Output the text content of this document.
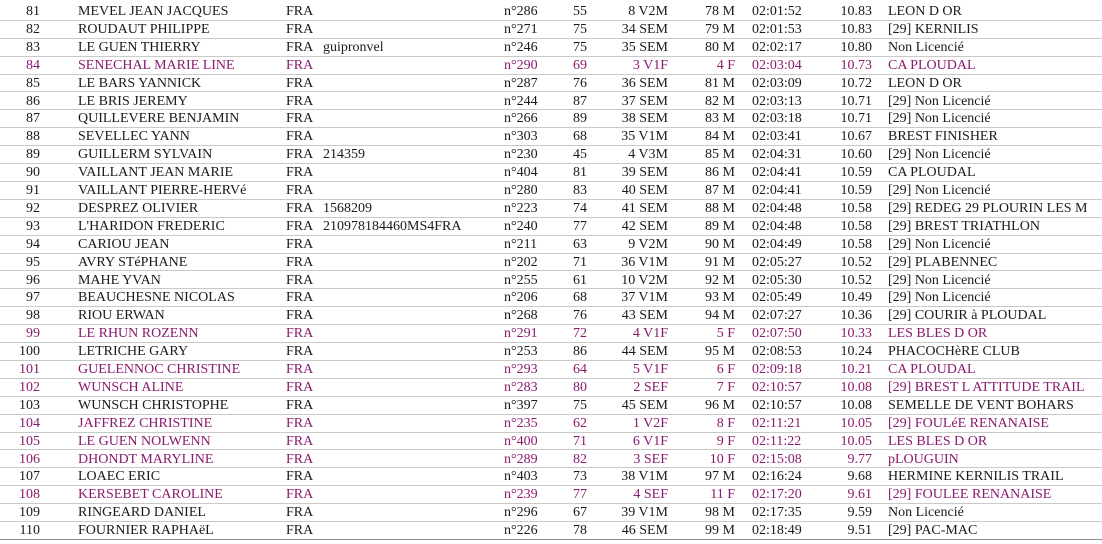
81	MEVEL JEAN JACQUES	FRA	n°286	55	8 V2M	78 M 02:01:52	10.83 LEON D OR
82	ROUDAUT PHILIPPE	FRA	n°271	75	34 SEM	79 M 02:01:53	10.83 [29] KERNILIS
83	LE GUEN THIERRY	FRA guipronvel	n°246	75	35 SEM	80 M 02:02:17	10.80 Non Licencié
84	SENECHAL MARIE LINE	FRA	n°290	69	3 V1F	4 F 02:03:04	10.73 CA PLOUDAL
85	LE BARS YANNICK	FRA	n°287	76	36 SEM	81 M 02:03:09	10.72 LEON D OR
86	LE BRIS JEREMY	FRA	n°244	87	37 SEM	82 M 02:03:13	10.71 [29] Non Licencié
87	QUILLEVERE BENJAMIN	FRA	n°266	89	38 SEM	83 M 02:03:18	10.71 [29] Non Licencié
88	SEVELLEC YANN	FRA	n°303	68	35 V1M	84 M 02:03:41	10.67 BREST FINISHER
89	GUILLERM SYLVAIN	FRA 214359	n°230	45	4 V3M	85 M 02:04:31	10.60 [29] Non Licencié
90	VAILLANT JEAN MARIE	FRA	n°404	81	39 SEM	86 M 02:04:41	10.59 CA PLOUDAL
91	VAILLANT PIERRE-HERVé	FRA	n°280	83	40 SEM	87 M 02:04:41	10.59 [29] Non Licencié
92	DESPREZ OLIVIER	FRA 1568209	n°223	74	41 SEM	88 M 02:04:48	10.58 [29] REDEG 29 PLOURIN LES M
93	L'HARIDON FREDERIC	FRA 210978184460MS4FRA	n°240	77	42 SEM	89 M 02:04:48	10.58 [29] BREST TRIATHLON
94	CARIOU JEAN	FRA	n°211	63	9 V2M	90 M 02:04:49	10.58 [29] Non Licencié
95	AVRY STéPHANE	FRA	n°202	71	36 V1M	91 M 02:05:27	10.52 [29] PLABENNEC
96	MAHE YVAN	FRA	n°255	61	10 V2M	92 M 02:05:30	10.52 [29] Non Licencié
97	BEAUCHESNE NICOLAS	FRA	n°206	68	37 V1M	93 M 02:05:49	10.49 [29] Non Licencié
98	RIOU ERWAN	FRA	n°268	76	43 SEM	94 M 02:07:27	10.36 [29] COURIR à PLOUDAL
99	LE RHUN ROZENN	FRA	n°291	72	4 V1F	5 F 02:07:50	10.33 LES BLES D OR
100	LETRICHE GARY	FRA	n°253	86	44 SEM	95 M 02:08:53	10.24 PHACOCHèRE CLUB
101	GUELENNOC CHRISTINE	FRA	n°293	64	5 V1F	6 F 02:09:18	10.21 CA PLOUDAL
102	WUNSCH ALINE	FRA	n°283	80	2 SEF	7 F 02:10:57	10.08 [29] BREST L ATTITUDE TRAIL
103	WUNSCH CHRISTOPHE	FRA	n°397	75	45 SEM	96 M 02:10:57	10.08 SEMELLE DE VENT BOHARS
104	JAFFREZ CHRISTINE	FRA	n°235	62	1 V2F	8 F 02:11:21	10.05 [29] FOULéE RENANAISE
105	LE GUEN NOLWENN	FRA	n°400	71	6 V1F	9 F 02:11:22	10.05 LES BLES D OR
106	DHONDT MARYLINE	FRA	n°289	82	3 SEF	10 F 02:15:08	9.77 pLOUGUIN
107	LOAEC ERIC	FRA	n°403	73	38 V1M	97 M 02:16:24	9.68 HERMINE KERNILIS TRAIL
108	KERSEBET CAROLINE	FRA	n°239	77	4 SEF	11 F 02:17:20	9.61 [29] FOULEE RENANAISE
109	RINGEARD DANIEL	FRA	n°296	67	39 V1M	98 M 02:17:35	9.59 Non Licencié
110	FOURNIER RAPHAëL	FRA	n°226	78	46 SEM	99 M 02:18:49	9.51 [29] PAC-MAC
